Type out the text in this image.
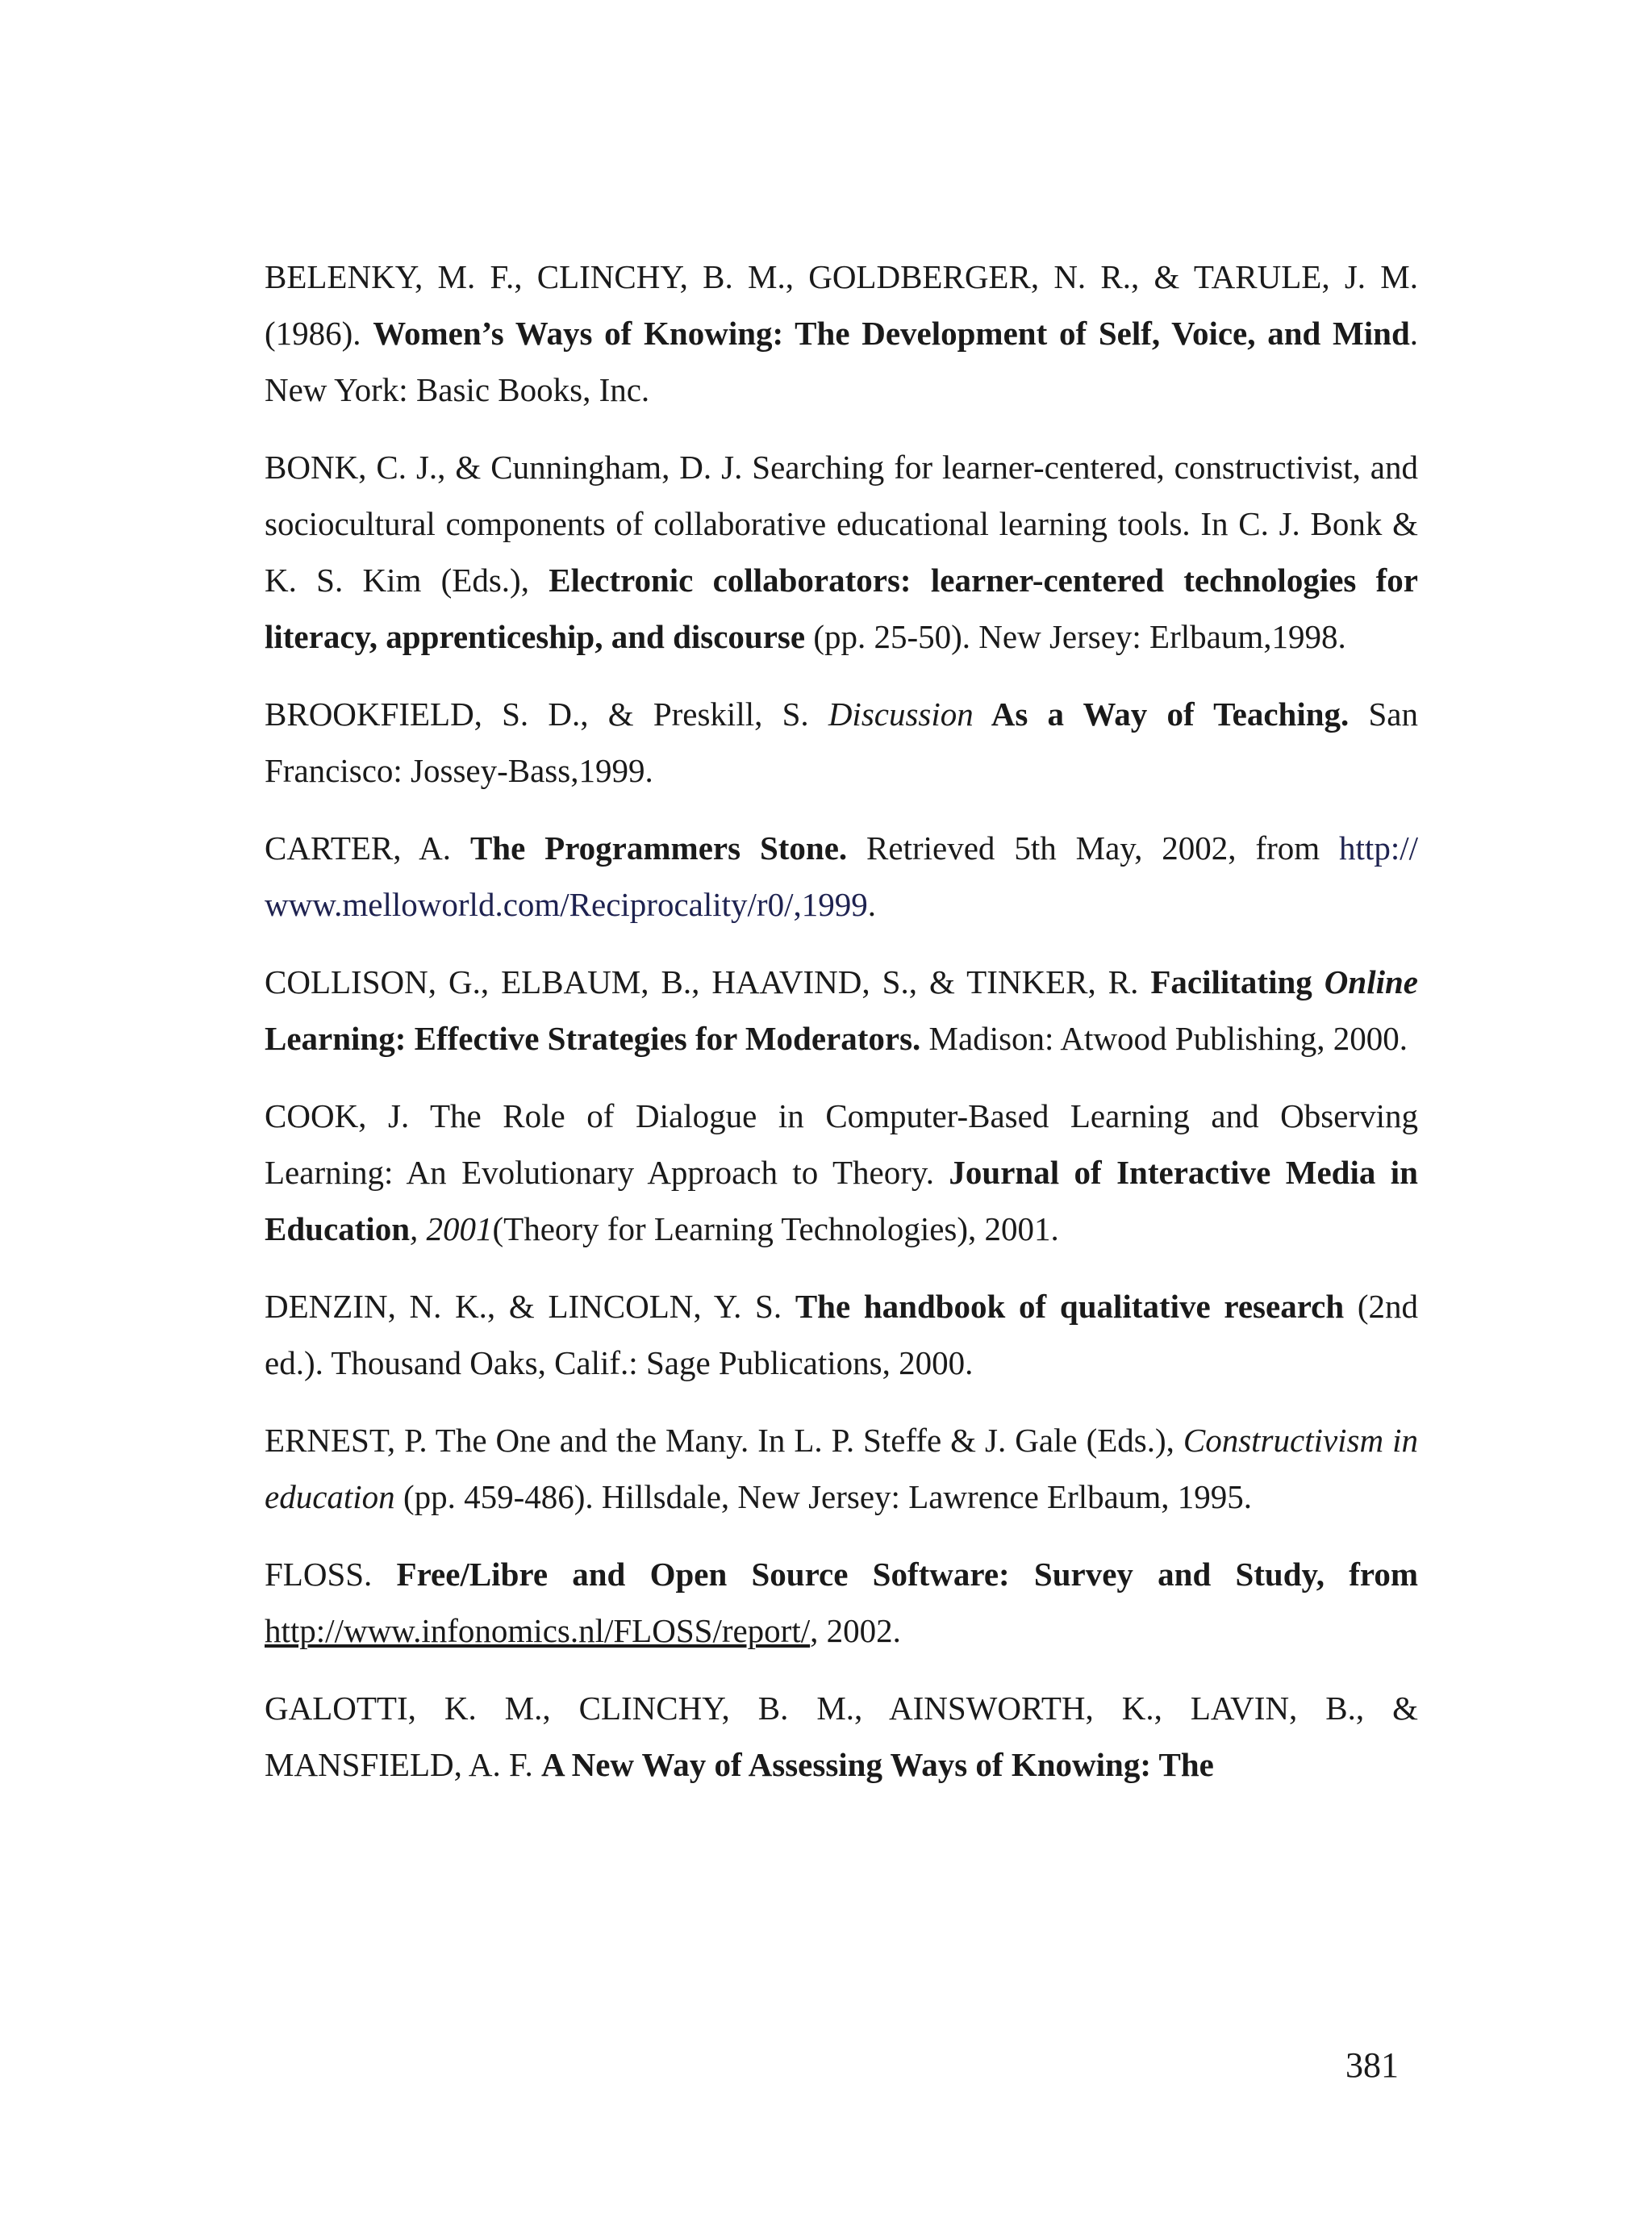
BELENKY, M. F., CLINCHY, B. M., GOLDBERGER, N. R., & TARULE, J. M. (1986). Women’s Ways of Knowing: The Development of Self, Voice, and Mind. New York: Basic Books, Inc.

BONK, C. J., & Cunningham, D. J. Searching for learner-centered, constructivist, and sociocultural components of collaborative educational learning tools. In C. J. Bonk & K. S. Kim (Eds.), Electronic collaborators: learner-centered technologies for literacy, apprenticeship, and discourse (pp. 25-50). New Jersey: Erlbaum,1998.

BROOKFIELD, S. D., & Preskill, S. Discussion As a Way of Teaching. San Francisco: Jossey-Bass,1999.

CARTER, A. The Programmers Stone. Retrieved 5th May, 2002, from http:// www.melloworld.com/Reciprocality/r0/,1999.

COLLISON, G., ELBAUM, B., HAAVIND, S., & TINKER, R. Facilitating Online Learning: Effective Strategies for Moderators. Madison: Atwood Publishing, 2000.

COOK, J. The Role of Dialogue in Computer-Based Learning and Observing Learning: An Evolutionary Approach to Theory. Journal of Interactive Media in Education, 2001(Theory for Learning Technologies), 2001.

DENZIN, N. K., & LINCOLN, Y. S. The handbook of qualitative research (2nd ed.). Thousand Oaks, Calif.: Sage Publications, 2000.

ERNEST, P. The One and the Many. In L. P. Steffe & J. Gale (Eds.), Constructivism in education (pp. 459-486). Hillsdale, New Jersey: Lawrence Erlbaum, 1995.

FLOSS. Free/Libre and Open Source Software: Survey and Study, from http://www.infonomics.nl/FLOSS/report/, 2002.

GALOTTI, K. M., CLINCHY, B. M., AINSWORTH, K., LAVIN, B., & MANSFIELD, A. F. A New Way of Assessing Ways of Knowing: The

381
